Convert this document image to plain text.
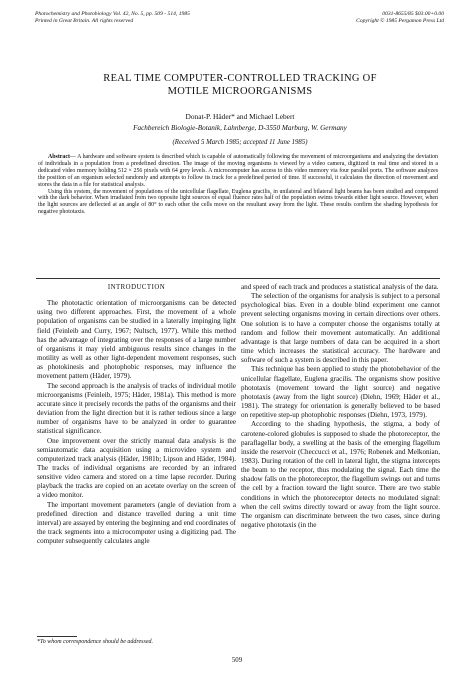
Photochemistry and Photobiology Vol. 42, No. 5, pp. 509 - 514, 1985
Printed in Great Britain. All rights reserved
0031-8655/85 $03.00+0.00
Copyright © 1985 Pergamon Press Ltd
REAL TIME COMPUTER-CONTROLLED TRACKING OF
MOTILE MICROORGANISMS
Donat-P. Häder* and Michael Lebert
Fachbereich Biologie-Botanik, Lahnberge, D-3550 Marburg, W. Germany
(Received 5 March 1985; accepted 11 June 1985)

Abstract— A hardware and software system is described which is capable of automatically following the movement of microorganisms and analyzing the deviation of individuals in a population from a predefined direction. The image of the moving organisms is viewed by a video camera, digitized in real time and stored in a dedicated video memory holding 512 × 256 pixels with 64 grey levels. A microcomputer has access to this video memory via four parallel ports. The software analyzes the position of an organism selected randomly and attempts to follow its track for a predefined period of time. If successful, it calculates the direction of movement and stores the data in a file for statistical analysis.

Using this system, the movement of populations of the unicellular flagellate, Euglena gracilis, in unilateral and bilateral light beams has been studied and compared with the dark behavior. When irradiated from two opposite light sources of equal fluence rates half of the population swims towards either light source. However, when the light sources are deflected at an angle of 80° to each other the cells move on the resultant away from the light. These results confirm the shading hypothesis for negative phototaxis.

INTRODUCTION

The phototactic orientation of microorganisms can be detected using two different approaches. First, the movement of a whole population of organisms can be studied in a laterally impinging light field (Feinleib and Curry, 1967; Nultsch, 1977). While this method has the advantage of integrating over the responses of a large number of organisms it may yield ambiguous results since changes in the motility as well as other light-dependent movement responses, such as photokinesis and photophobic responses, may influence the movement pattern (Häder, 1979).

The second approach is the analysis of tracks of individual motile microorganisms (Feinleib, 1975; Häder, 1981a). This method is more accurate since it precisely records the paths of the organisms and their deviation from the light direction but it is rather tedious since a large number of organisms have to be analyzed in order to guarantee statistical significance.

One improvement over the strictly manual data analysis is the semiautomatic data acquisition using a microvideo system and computerized track analysis (Häder, 1981b; Lipson and Häder, 1984). The tracks of individual organisms are recorded by an infrared sensitive video camera and stored on a time lapse recorder. During playback the tracks are copied on an acetate overlay on the screen of a video monitor.

The important movement parameters (angle of deviation from a predefined direction and distance travelled during a unit time interval) are assayed by entering the beginning and end coordinates of the track segments into a microcomputer using a digitizing pad. The computer subsequently calculates angle

and speed of each track and produces a statistical analysis of the data.

The selection of the organisms for analysis is subject to a personal psychological bias. Even in a double blind experiment one cannot prevent selecting organisms moving in certain directions over others. One solution is to have a computer choose the organisms totally at random and follow their movement automatically. An additional advantage is that large numbers of data can be acquired in a short time which increases the statistical accuracy. The hardware and software of such a system is described in this paper.

This technique has been applied to study the photobehavior of the unicellular flagellate, Euglena gracilis. The organisms show positive phototaxis (movement toward the light source) and negative phototaxis (away from the light source) (Diehn, 1969; Häder et al., 1981). The strategy for orientation is generally believed to be based on repetitive step-up photophobic responses (Diehn, 1973, 1979).

According to the shading hypothesis, the stigma, a body of carotene-colored globules is supposed to shade the photoreceptor, the paraflagellar body, a swelling at the basis of the emerging flagellum inside the reservoir (Checcucci et al., 1976; Robenek and Melkonian, 1983). During rotation of the cell in lateral light, the stigma intercepts the beam to the receptor, thus modulating the signal. Each time the shadow falls on the photoreceptor, the flagellum swings out and turns the cell by a fraction toward the light source. There are two stable conditions in which the photoreceptor detects no modulated signal: when the cell swims directly toward or away from the light source. The organism can discriminate between the two cases, since during negative phototaxis (in the

*To whom correspondence should be addressed.
509
